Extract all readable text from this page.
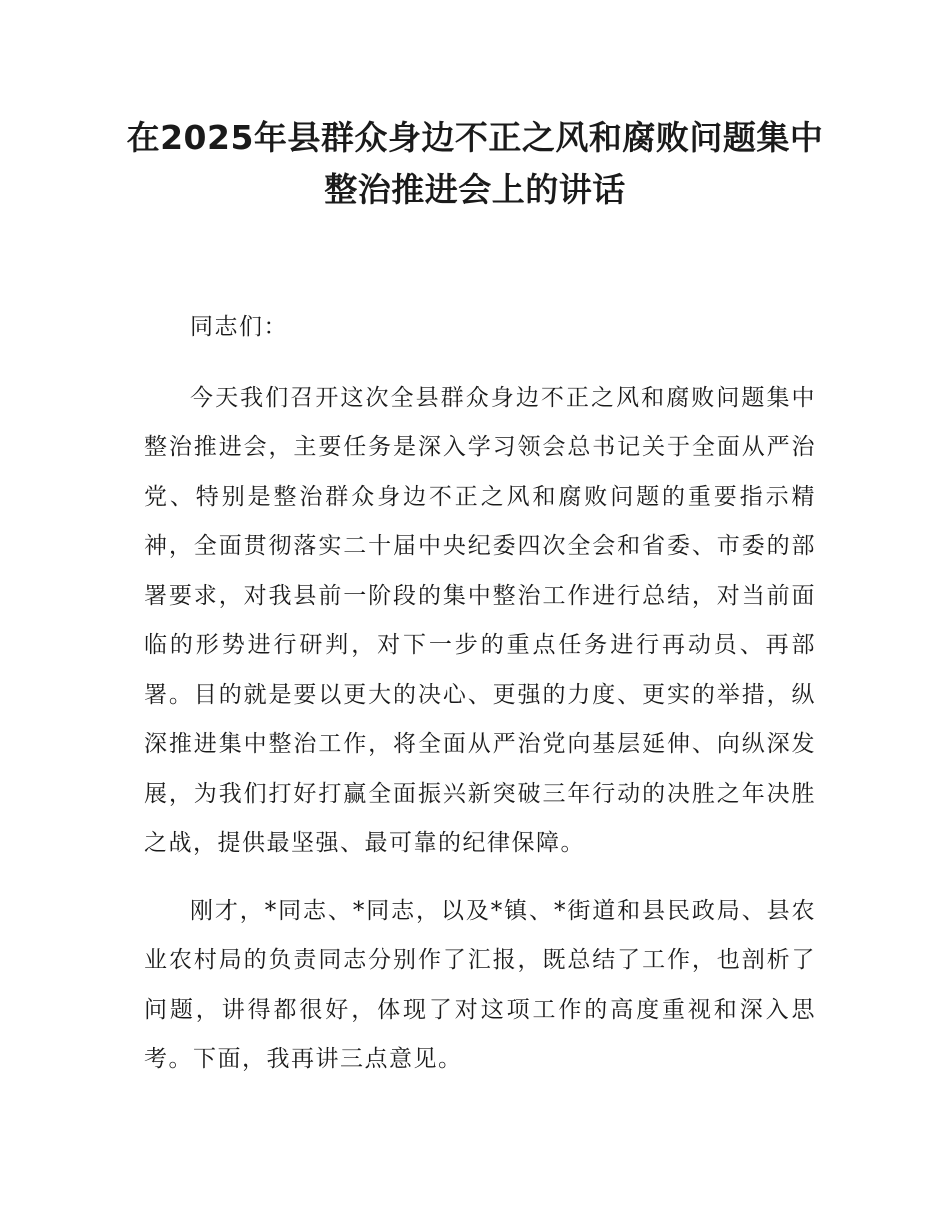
在2025年县群众身边不正之风和腐败问题集中整治推进会上的讲话

同志们：

今天我们召开这次全县群众身边不正之风和腐败问题集中整治推进会，主要任务是深入学习领会总书记关于全面从严治党、特别是整治群众身边不正之风和腐败问题的重要指示精神，全面贯彻落实二十届中央纪委四次全会和省委、市委的部署要求，对我县前一阶段的集中整治工作进行总结，对当前面临的形势进行研判，对下一步的重点任务进行再动员、再部署。目的就是要以更大的决心、更强的力度、更实的举措，纵深推进集中整治工作，将全面从严治党向基层延伸、向纵深发展，为我们打好打赢全面振兴新突破三年行动的决胜之年决胜之战，提供最坚强、最可靠的纪律保障。

刚才，*同志、*同志，以及*镇、*街道和县民政局、县农业农村局的负责同志分别作了汇报，既总结了工作，也剖析了问题，讲得都很好，体现了对这项工作的高度重视和深入思考。下面，我再讲三点意见。
